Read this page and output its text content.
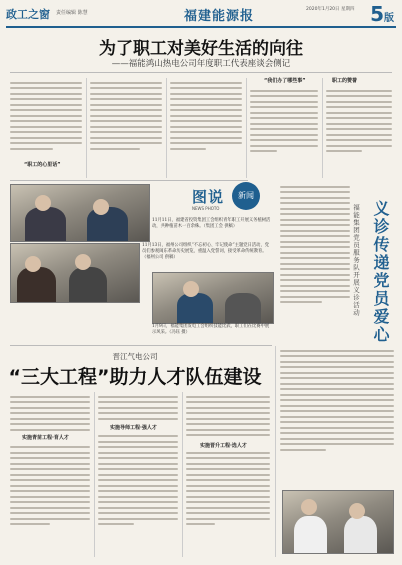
政工之窗 责任编辑 陈慧	福建能源报	2020年1月20日 星期四 5版
为了职工对美好生活的向往
——福能鸿山热电公司年度职工代表座谈会侧记
“职工的心里话”
“我们办了哪些事”	职工的赞誉
图说	新闻
NEWS PHOTO
11月11日，福建省投资集团工会组织青年职工开展义务植树活动，共种植苗木一百余株。（集团工会 供稿）
11月13日，福州公司组织“不忘初心、牢记使命”主题党日活动，党员们参观闽东革命历史展览，重温入党誓词，接受革命传统教育。（福州公司 供稿）
1月9日，福能集团发电工会组织技能比武，职工们在比赛中展示风采。（冯钰 摄）	义诊传递党员爱心
福能集团党员服务队开展义诊活动
晋江气电公司
“三大工程”助力人才队伍建设
实施青苗工程·育人才
实施导师工程·强人才
实施晋升工程·选人才
